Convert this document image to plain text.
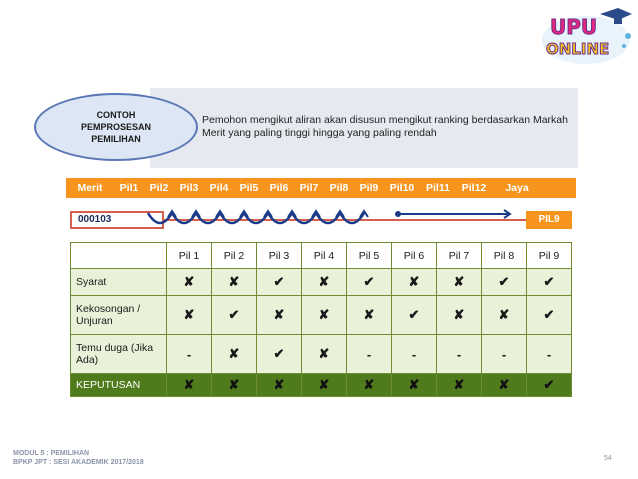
UPU
ONLINE
Pemohon mengikut aliran akan disusun mengikut ranking berdasarkan Markah Merit yang paling tinggi hingga yang paling rendah
CONTOH
PEMPROSESAN
PEMILIHAN
Merit	Pil1	Pil2	Pil3	Pil4	Pil5	Pil6	Pil7	Pil8	Pil9	Pil10	Pil11	Pil12	Jaya
000103	PIL9
	Pil 1	Pil 2	Pil 3	Pil 4	Pil 5	Pil 6	Pil 7	Pil 8	Pil 9
Syarat	✘	✘	✔	✘	✔	✘	✘	✔	✔
Kekosongan / Unjuran	✘	✔	✘	✘	✘	✔	✘	✘	✔
Temu duga (Jika Ada)	-	✘	✔	✘	-	-	-	-	-
KEPUTUSAN	✘	✘	✘	✘	✘	✘	✘	✘	✔
MODUL 5 : PEMILIHAN
BPKP JPT : SESI AKADEMIK 2017/2018
54
